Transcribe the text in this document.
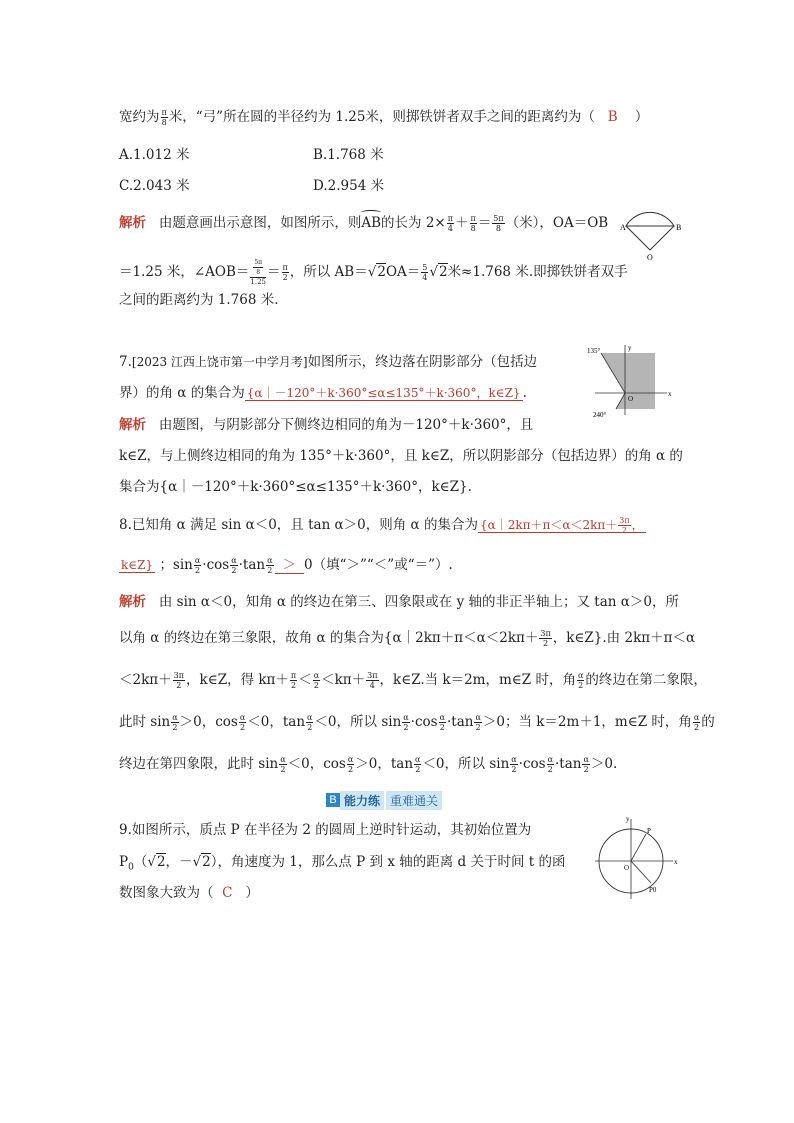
宽约为 $\frac{\pi}{8}$ 米，“弓”所在圆的半径约为 1.25米，则掷铁饼者双手之间的距离约为（ B ）
A.1.012 米	B.1.768 米
C.2.043 米	D.2.954 米
解析 由题意画出示意图，如图所示，则AB的长为 $2\times \frac{\pi}{4} + \frac{\pi}{8} = \frac{5\pi}{8}$ （米），OA＝OB
＝1.25 米，∠AOB＝ $\frac{\frac{5\pi}{8}}{1.25} = \frac{\pi}{2}$ ，所以 $AB=√2OA= \frac{5}{4} √2$米≈1.768 米.即掷铁饼者双手
之间的距离约为 1.768 米.
A	B
O
7.[2023 江西上饶市第一中学月考]如图所示，终边落在阴影部分（包括边
界）的角 α 的集合为 {α｜－120°＋k·360°≤α≤135°＋k·360°，k∈Z} .
解析 由题图，与阴影部分下侧终边相同的角为－120°＋k·360°，且
k∈Z，与上侧终边相同的角为 135°＋k·360°，且 k∈Z，所以阴影部分（包括边界）的角 α 的
集合为{α｜－120°＋k·360°≤α≤135°＋k·360°，k∈Z}.
135°
240°
y
x
O
8.已知角 α 满足 sin α＜0，且 tan α＞0，则角 α 的集合为 {α｜2kπ＋π＜α＜2kπ＋ $\frac{3\pi}{2}$ ，
k∈Z} ；$\sin \frac{\alpha}{2} \cdot\cos \frac{\alpha}{2} \cdot\tan \frac{\alpha}{2} > 0$（填“＞”“＜”或“＝”）.
解析 由 sin α＜0，知角 α 的终边在第三、四象限或在 y 轴的非正半轴上；又 tan α＞0，所
以角 α 的终边在第三象限，故角 α 的集合为{α｜2kπ＋π＜α＜2kπ＋ $\frac{3\pi}{2}$ ，k∈Z}.由 2kπ＋π＜α
$<2k\pi+ \frac{3\pi}{2}$ ，k∈Z，得 $k\pi+ \frac{\pi}{2} < \frac{\alpha}{2} <k\pi+ \frac{3\pi}{4}$ ，k∈Z.当 k＝2m，m∈Z 时，角 $\frac{\alpha}{2}$ 的终边在第二象限，
此时 $\sin \frac{\alpha}{2} >0$，$\cos \frac{\alpha}{2} <0$，$\tan \frac{\alpha}{2} <0$，所以 $\sin \frac{\alpha}{2} \cdot\cos \frac{\alpha}{2} \cdot\tan \frac{\alpha}{2} >0$；当 k＝2m＋1，m∈Z 时，角 $\frac{\alpha}{2}$ 的
终边在第四象限，此时 $\sin \frac{\alpha}{2} <0$，$\cos \frac{\alpha}{2} >0$，$\tan \frac{\alpha}{2} <0$，所以 $\sin \frac{\alpha}{2} \cdot\cos \frac{\alpha}{2} \cdot\tan \frac{\alpha}{2} >0$.
B 能力练 重难通关
9.如图所示，质点 P 在半径为 2 的圆周上逆时针运动，其初始位置为
$P_0(√2$，－√2），角速度为 1，那么点 P 到 x 轴的距离 d 关于时间 t 的函
数图象大致为（ C ）
y
x
O
P
P0
